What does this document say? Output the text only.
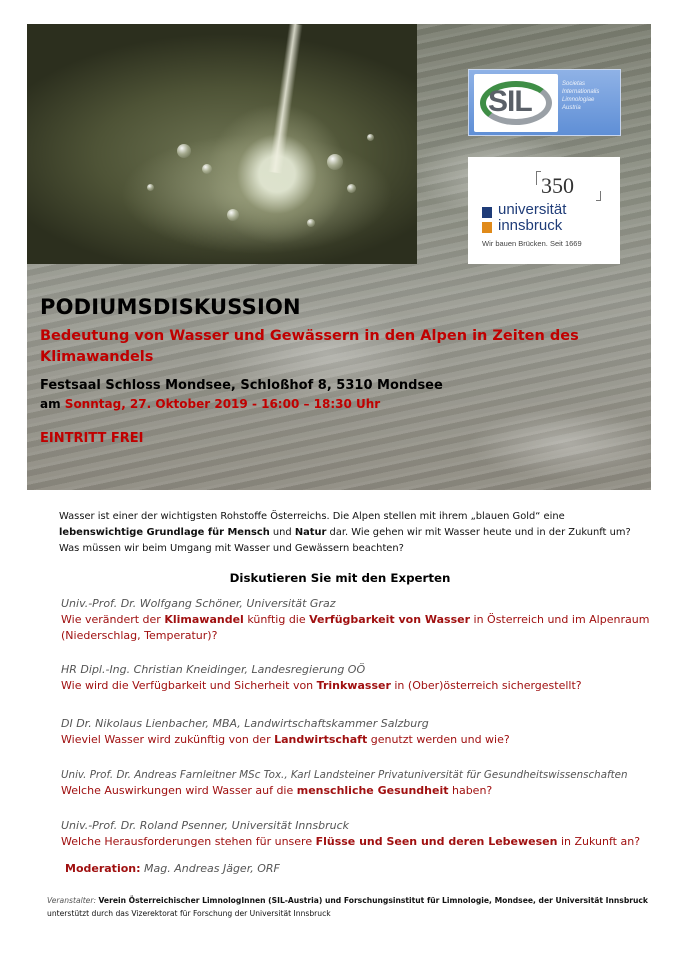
SIL
Societas
Internationalis
Limnologiae
Austria
350
universität
innsbruck
Wir bauen Brücken. Seit 1669
PODIUMSDISKUSSION
Bedeutung von Wasser und Gewässern in den Alpen in Zeiten des Klimawandels
Festsaal Schloss Mondsee, Schloßhof 8, 5310 Mondsee
am Sonntag, 27. Oktober 2019 - 16:00 – 18:30 Uhr
EINTRITT FREI
Wasser ist einer der wichtigsten Rohstoffe Österreichs. Die Alpen stellen mit ihrem „blauen Gold“ eine
lebenswichtige Grundlage für Mensch und Natur dar. Wie gehen wir mit Wasser heute und in der Zukunft um?
Was müssen wir beim Umgang mit Wasser und Gewässern beachten?
Diskutieren Sie mit den Experten
Univ.-Prof. Dr. Wolfgang Schöner, Universität Graz
Wie verändert der Klimawandel künftig die Verfügbarkeit von Wasser in Österreich und im Alpenraum (Niederschlag, Temperatur)?
HR Dipl.-Ing. Christian Kneidinger, Landesregierung OÖ
Wie wird die Verfügbarkeit und Sicherheit von Trinkwasser in (Ober)österreich sichergestellt?
DI Dr. Nikolaus Lienbacher, MBA, Landwirtschaftskammer Salzburg
Wieviel Wasser wird zukünftig von der Landwirtschaft genutzt werden und wie?
Univ. Prof. Dr. Andreas Farnleitner MSc Tox., Karl Landsteiner Privatuniversität für Gesundheitswissenschaften
Welche Auswirkungen wird Wasser auf die menschliche Gesundheit haben?
Univ.-Prof. Dr. Roland Psenner, Universität Innsbruck
Welche Herausforderungen stehen für unsere Flüsse und Seen und deren Lebewesen in Zukunft an?
Moderation: Mag. Andreas Jäger, ORF
Veranstalter: Verein Österreichischer LimnologInnen (SIL-Austria) und Forschungsinstitut für Limnologie, Mondsee, der Universität Innsbruck
unterstützt durch das Vizerektorat für Forschung der Universität Innsbruck
